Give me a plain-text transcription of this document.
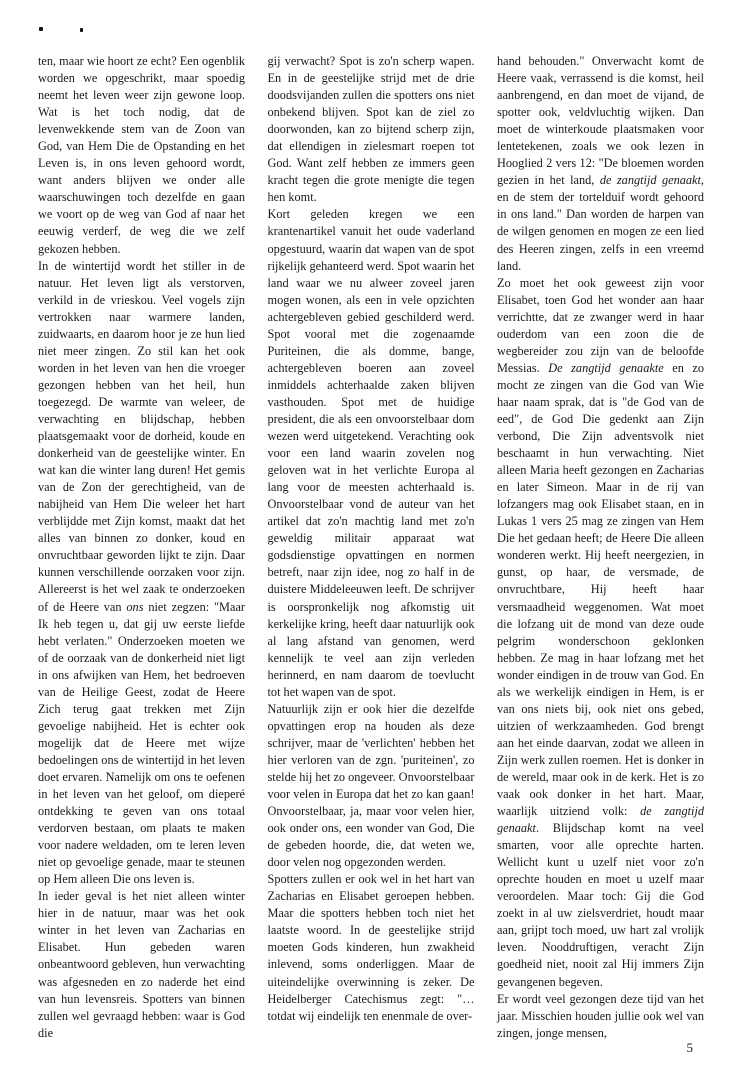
ten, maar wie hoort ze echt? Een ogenblik worden we opgeschrikt, maar spoedig neemt het leven weer zijn gewone loop. Wat is het toch nodig, dat de levenwekkende stem van de Zoon van God, van Hem Die de Opstanding en het Leven is, in ons leven gehoord wordt, want anders blijven we onder alle waarschuwingen toch dezelfde en gaan we voort op de weg van God af naar het eeuwig verderf, de weg die we zelf gekozen hebben.

In de wintertijd wordt het stiller in de natuur. Het leven ligt als verstorven, verkild in de vrieskou. Veel vogels zijn vertrokken naar warmere landen, zuidwaarts, en daarom hoor je ze hun lied niet meer zingen. Zo stil kan het ook worden in het leven van hen die vroeger gezongen hebben van het heil, hun toegezegd. De warmte van weleer, de verwachting en blijdschap, hebben plaatsgemaakt voor de dorheid, koude en donkerheid van de geestelijke winter. En wat kan die winter lang duren! Het gemis van de Zon der gerechtigheid, van de nabijheid van Hem Die weleer het hart verblijdde met Zijn komst, maakt dat het alles van binnen zo donker, koud en onvruchtbaar geworden lijkt te zijn. Daar kunnen verschillende oorzaken voor zijn. Allereerst is het wel zaak te onderzoeken of de Heere van ons niet zegzen: "Maar Ik heb tegen u, dat gij uw eerste liefde hebt verlaten." Onderzoeken moeten we of de oorzaak van de donkerheid niet ligt in ons afwijken van Hem, het bedroeven van de Heilige Geest, zodat de Heere Zich terug gaat trekken met Zijn gevoelige nabijheid. Het is echter ook mogelijk dat de Heere met wijze bedoelingen ons de wintertijd in het leven doet ervaren. Namelijk om ons te oefenen in het leven van het geloof, om dieperé ontdekking te geven van ons totaal verdorven bestaan, om plaats te maken voor nadere weldaden, om te leren leven niet op gevoelige genade, maar te steunen op Hem alleen Die ons leven is.

In ieder geval is het niet alleen winter hier in de natuur, maar was het ook winter in het leven van Zacharias en Elisabet. Hun gebeden waren onbeantwoord gebleven, hun verwachting was afgesneden en zo naderde het eind van hun levensreis. Spotters van binnen zullen wel gevraagd hebben: waar is God die

gij verwacht? Spot is zo'n scherp wapen. En in de geestelijke strijd met de drie doodsvijanden zullen die spotters ons niet onbekend blijven. Spot kan de ziel zo doorwonden, kan zo bijtend scherp zijn, dat ellendigen in zielesmart roepen tot God. Want zelf hebben ze immers geen kracht tegen die grote menigte die tegen hen komt.

Kort geleden kregen we een krantenartikel vanuit het oude vaderland opgestuurd, waarin dat wapen van de spot rijkelijk gehanteerd werd. Spot waarin het land waar we nu alweer zoveel jaren mogen wonen, als een in vele opzichten achtergebleven gebied geschilderd werd. Spot vooral met die zogenaamde Puriteinen, die als domme, bange, achtergebleven boeren aan zoveel inmiddels achterhaalde zaken blijven vasthouden. Spot met de huidige president, die als een onvoorstelbaar dom wezen werd uitgetekend. Verachting ook voor een land waarin zovelen nog geloven wat in het verlichte Europa al lang voor de meesten achterhaald is. Onvoorstelbaar vond de auteur van het artikel dat zo'n machtig land met zo'n geweldig militair apparaat wat godsdienstige opvattingen en normen betreft, naar zijn idee, nog zo half in de duistere Middeleeuwen leeft. De schrijver is oorspronkelijk nog afkomstig uit kerkelijke kring, heeft daar natuurlijk ook al lang afstand van genomen, werd kennelijk te veel aan zijn verleden herinnerd, en nam daarom de toevlucht tot het wapen van de spot.

Natuurlijk zijn er ook hier die dezelfde opvattingen erop na houden als deze schrijver, maar de 'verlichten' hebben het hier verloren van de zgn. 'puriteinen', zo stelde hij het zo ongeveer. Onvoorstelbaar voor velen in Europa dat het zo kan gaan! Onvoorstelbaar, ja, maar voor velen hier, ook onder ons, een wonder van God, Die de gebeden hoorde, die, dat weten we, door velen nog opgezonden werden.

Spotters zullen er ook wel in het hart van Zacharias en Elisabet geroepen hebben. Maar die spotters hebben toch niet het laatste woord. In de geestelijke strijd moeten Gods kinderen, hun zwakheid inlevend, soms onderliggen. Maar de uiteindelijke overwinning is zeker. De Heidelberger Catechismus zegt: "… totdat wij eindelijk ten enenmale de over-

hand behouden." Onverwacht komt de Heere vaak, verrassend is die komst, heil aanbrengend, en dan moet de vijand, de spotter ook, veldvluchtig wijken. Dan moet de winterkoude plaatsmaken voor lentetekenen, zoals we ook lezen in Hooglied 2 vers 12: "De bloemen worden gezien in het land, de zangtijd genaakt, en de stem der tortelduif wordt gehoord in ons land." Dan worden de harpen van de wilgen genomen en mogen ze een lied des Heeren zingen, zelfs in een vreemd land.

Zo moet het ook geweest zijn voor Elisabet, toen God het wonder aan haar verrichtte, dat ze zwanger werd in haar ouderdom van een zoon die de wegbereider zou zijn van de beloofde Messias. De zangtijd genaakte en zo mocht ze zingen van die God van Wie haar naam sprak, dat is "de God van de eed", de God Die gedenkt aan Zijn verbond, Die Zijn adventsvolk niet beschaamt in hun verwachting. Niet alleen Maria heeft gezongen en Zacharias en later Simeon. Maar in de rij van lofzangers mag ook Elisabet staan, en in Lukas 1 vers 25 mag ze zingen van Hem Die het gedaan heeft; de Heere Die alleen wonderen werkt. Hij heeft neergezien, in gunst, op haar, de versmade, de onvruchtbare, Hij heeft haar versmaadheid weggenomen. Wat moet die lofzang uit de mond van deze oude pelgrim wonderschoon geklonken hebben. Ze mag in haar lofzang met het wonder eindigen in de trouw van God. En als we werkelijk eindigen in Hem, is er van ons niets bij, ook niet ons gebed, uitzien of werkzaamheden. God brengt aan het einde daarvan, zodat we alleen in Zijn werk zullen roemen. Het is donker in de wereld, maar ook in de kerk. Het is zo vaak ook donker in het hart. Maar, waarlijk uitziend volk: de zangtijd genaakt. Blijdschap komt na veel smarten, voor alle oprechte harten. Wellicht kunt u uzelf niet voor zo'n oprechte houden en moet u uzelf maar veroordelen. Maar toch: Gij die God zoekt in al uw zielsverdriet, houdt maar aan, grijpt toch moed, uw hart zal vrolijk leven. Nooddruftigen, veracht Zijn goedheid niet, nooit zal Hij immers Zijn gevangenen begeven.

Er wordt veel gezongen deze tijd van het jaar. Misschien houden jullie ook wel van zingen, jonge mensen,

5
